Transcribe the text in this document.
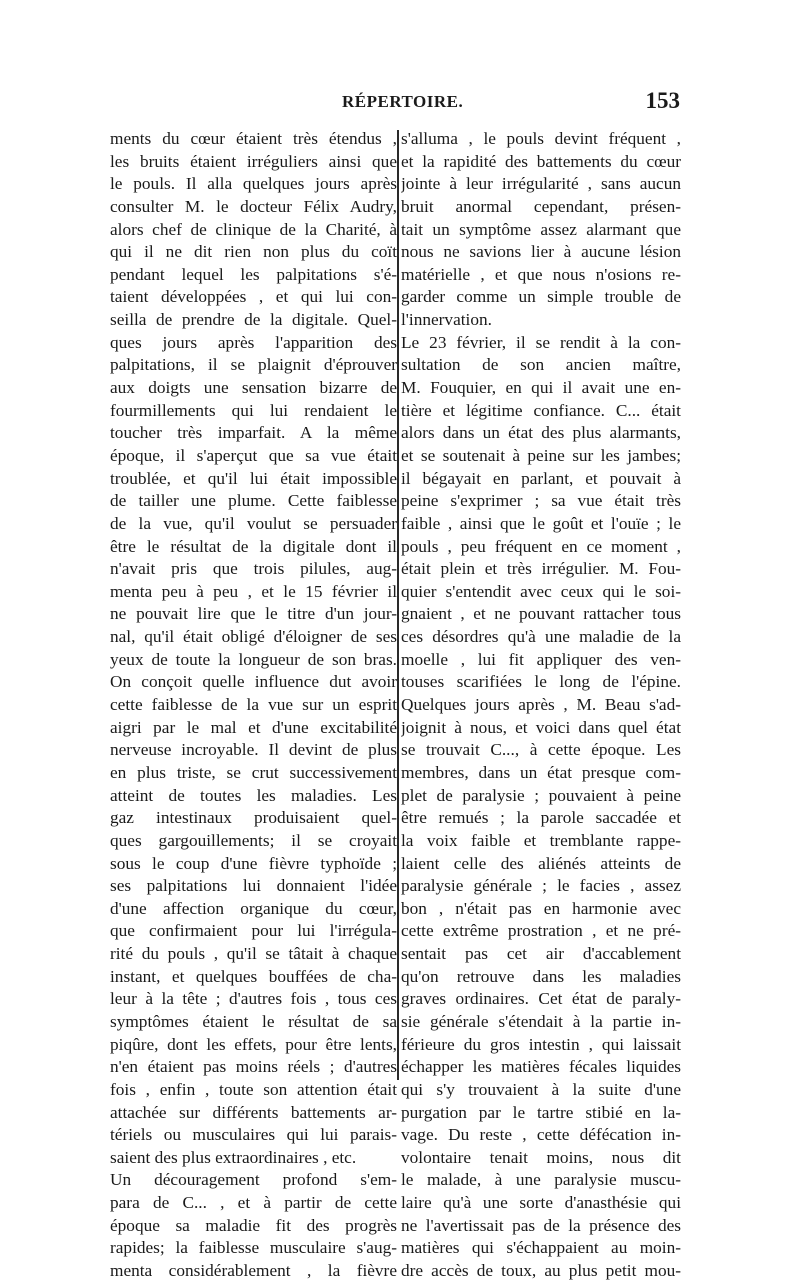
RÉPERTOIRE.	153
ments du cœur étaient très étendus ,
les bruits étaient irréguliers ainsi que
le pouls. Il alla quelques jours après
consulter M. le docteur Félix Audry,
alors chef de clinique de la Charité, à
qui il ne dit rien non plus du coït
pendant lequel les palpitations s'é-
taient développées , et qui lui con-
seilla de prendre de la digitale. Quel-
ques jours après l'apparition des
palpitations, il se plaignit d'éprouver
aux doigts une sensation bizarre de
fourmillements qui lui rendaient le
toucher très imparfait. A la même
époque, il s'aperçut que sa vue était
troublée, et qu'il lui était impossible
de tailler une plume. Cette faiblesse
de la vue, qu'il voulut se persuader
être le résultat de la digitale dont il
n'avait pris que trois pilules, aug-
menta peu à peu , et le 15 février il
ne pouvait lire que le titre d'un jour-
nal, qu'il était obligé d'éloigner de ses
yeux de toute la longueur de son bras.
On conçoit quelle influence dut avoir
cette faiblesse de la vue sur un esprit
aigri par le mal et d'une excitabilité
nerveuse incroyable. Il devint de plus
en plus triste, se crut successivement
atteint de toutes les maladies. Les
gaz intestinaux produisaient quel-
ques gargouillements; il se croyait
sous le coup d'une fièvre typhoïde ;
ses palpitations lui donnaient l'idée
d'une affection organique du cœur,
que confirmaient pour lui l'irrégula-
rité du pouls , qu'il se tâtait à chaque
instant, et quelques bouffées de cha-
leur à la tête ; d'autres fois , tous ces
symptômes étaient le résultat de sa
piqûre, dont les effets, pour être lents,
n'en étaient pas moins réels ; d'autres
fois , enfin , toute son attention était
attachée sur différents battements ar-
tériels ou musculaires qui lui parais-
saient des plus extraordinaires , etc.
Un découragement profond s'em-
para de C... , et à partir de cette
époque sa maladie fit des progrès
rapides; la faiblesse musculaire s'aug-
menta considérablement , la fièvre
s'alluma , le pouls devint fréquent ,
et la rapidité des battements du cœur
jointe à leur irrégularité , sans aucun
bruit anormal cependant, présen-
tait un symptôme assez alarmant que
nous ne savions lier à aucune lésion
matérielle , et que nous n'osions re-
garder comme un simple trouble de
l'innervation.
Le 23 février, il se rendit à la con-
sultation de son ancien maître,
M. Fouquier, en qui il avait une en-
tière et légitime confiance. C... était
alors dans un état des plus alarmants,
et se soutenait à peine sur les jambes;
il bégayait en parlant, et pouvait à
peine s'exprimer ; sa vue était très
faible , ainsi que le goût et l'ouïe ; le
pouls , peu fréquent en ce moment ,
était plein et très irrégulier. M. Fou-
quier s'entendit avec ceux qui le soi-
gnaient , et ne pouvant rattacher tous
ces désordres qu'à une maladie de la
moelle , lui fit appliquer des ven-
touses scarifiées le long de l'épine.
Quelques jours après , M. Beau s'ad-
joignit à nous, et voici dans quel état
se trouvait C..., à cette époque. Les
membres, dans un état presque com-
plet de paralysie ; pouvaient à peine
être remués ; la parole saccadée et
la voix faible et tremblante rappe-
laient celle des aliénés atteints de
paralysie générale ; le facies , assez
bon , n'était pas en harmonie avec
cette extrême prostration , et ne pré-
sentait pas cet air d'accablement
qu'on retrouve dans les maladies
graves ordinaires. Cet état de paraly-
sie générale s'étendait à la partie in-
férieure du gros intestin , qui laissait
échapper les matières fécales liquides
qui s'y trouvaient à la suite d'une
purgation par le tartre stibié en la-
vage. Du reste , cette défécation in-
volontaire tenait moins, nous dit
le malade, à une paralysie muscu-
laire qu'à une sorte d'anasthésie qui
ne l'avertissait pas de la présence des
matières qui s'échappaient au moin-
dre accès de toux, au plus petit mou-
